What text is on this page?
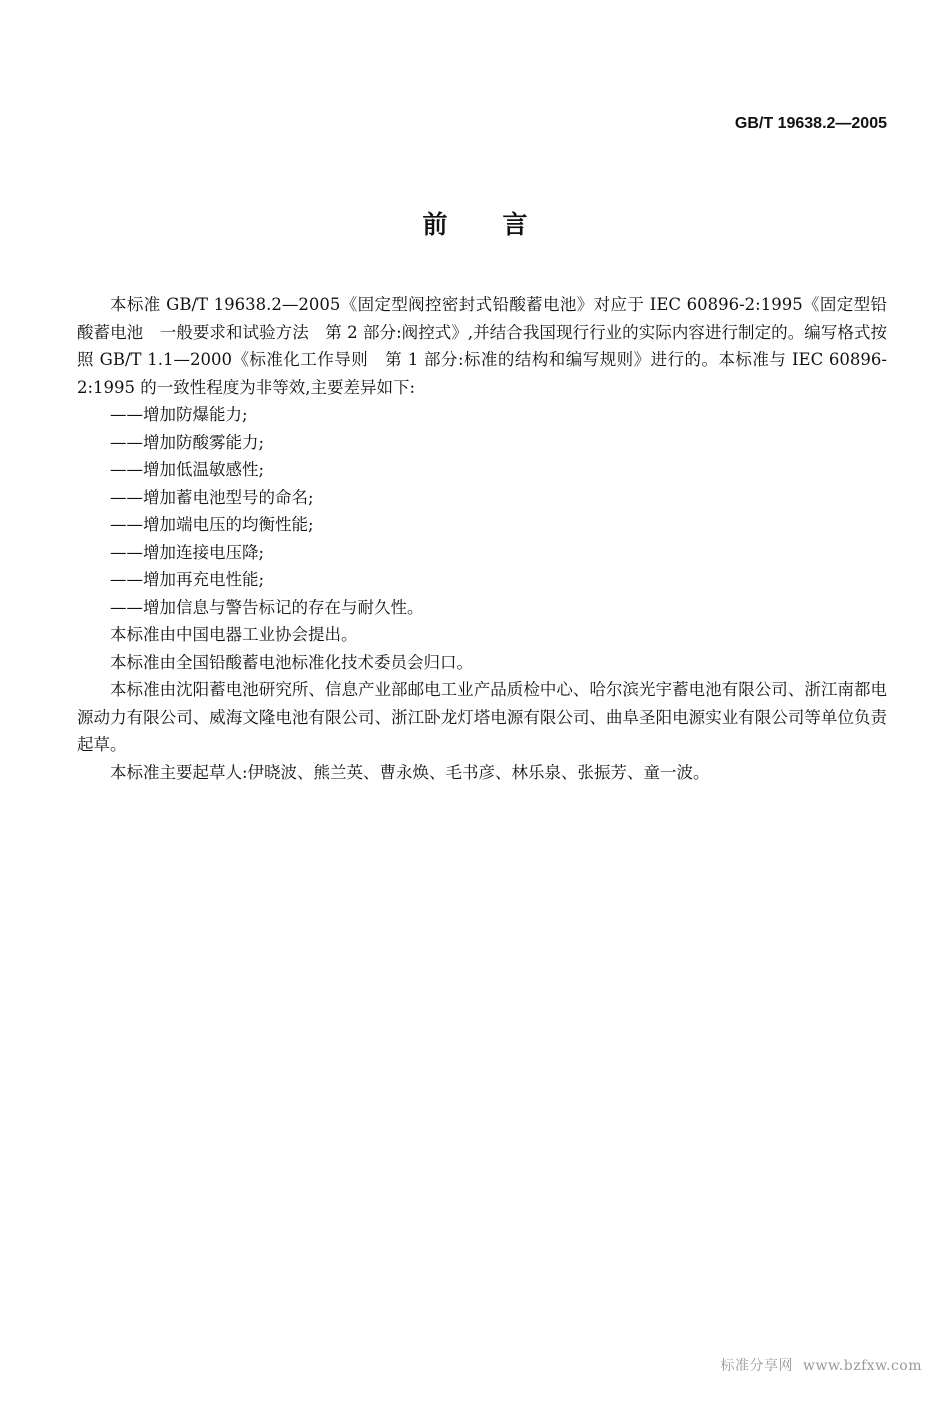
GB/T 19638.2—2005
前言

本标准 GB/T 19638.2—2005《固定型阀控密封式铅酸蓄电池》对应于 IEC 60896-2:1995《固定型铅酸蓄电池　一般要求和试验方法　第 2 部分:阀控式》,并结合我国现行行业的实际内容进行制定的。编写格式按照 GB/T 1.1—2000《标准化工作导则　第 1 部分:标准的结构和编写规则》进行的。本标准与 IEC 60896-2:1995 的一致性程度为非等效,主要差异如下:

——增加防爆能力;

——增加防酸雾能力;

——增加低温敏感性;

——增加蓄电池型号的命名;

——增加端电压的均衡性能;

——增加连接电压降;

——增加再充电性能;

——增加信息与警告标记的存在与耐久性。

本标准由中国电器工业协会提出。

本标准由全国铅酸蓄电池标准化技术委员会归口。

本标准由沈阳蓄电池研究所、信息产业部邮电工业产品质检中心、哈尔滨光宇蓄电池有限公司、浙江南都电源动力有限公司、威海文隆电池有限公司、浙江卧龙灯塔电源有限公司、曲阜圣阳电源实业有限公司等单位负责起草。

本标准主要起草人:伊晓波、熊兰英、曹永焕、毛书彦、林乐泉、张振芳、童一波。

标准分享网 www.bzfxw.com
